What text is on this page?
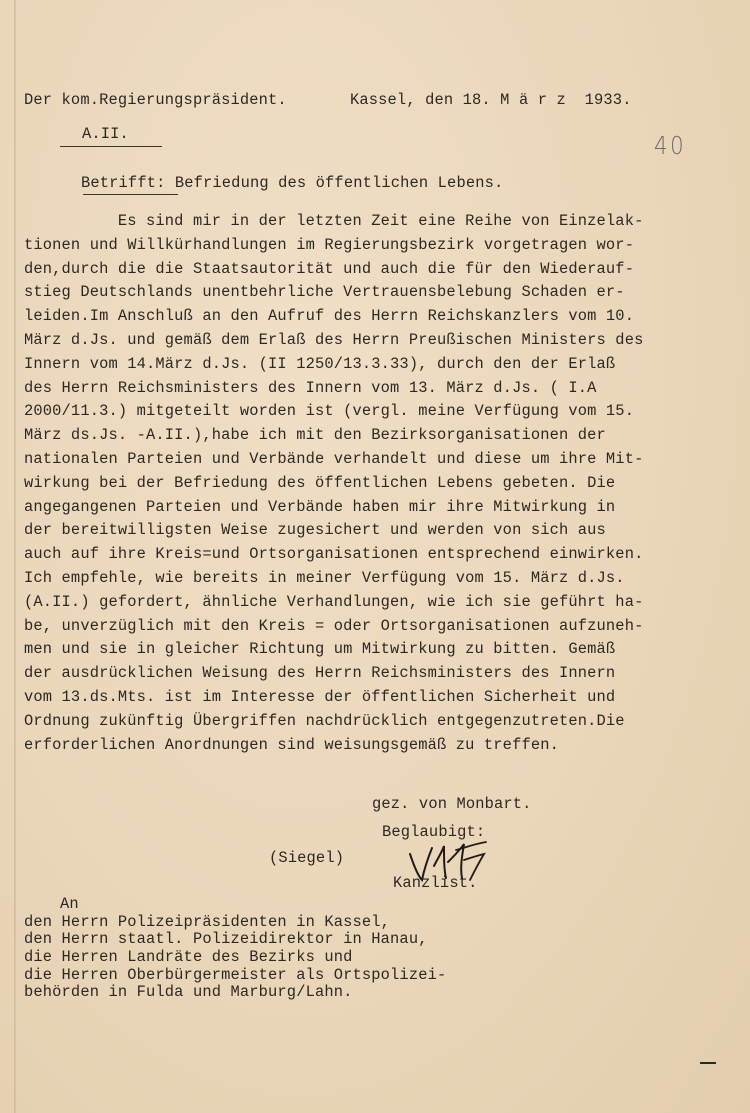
Der kom.Regierungspräsident.	Kassel, den 18. M ä r z  1933.
A.II.	40
Betrifft: Befriedung des öffentlichen Lebens.
Es sind mir in der letzten Zeit eine Reihe von Einzelak-
tionen und Willkürhandlungen im Regierungsbezirk vorgetragen wor-
den,durch die die Staatsautorität und auch die für den Wiederauf-
stieg Deutschlands unentbehrliche Vertrauensbelebung Schaden er-
leiden.Im Anschluß an den Aufruf des Herrn Reichskanzlers vom 10.
März d.Js. und gemäß dem Erlaß des Herrn Preußischen Ministers des
Innern vom 14.März d.Js. (II 1250/13.3.33), durch den der Erlaß
des Herrn Reichsministers des Innern vom 13. März d.Js. ( I.A
2000/11.3.) mitgeteilt worden ist (vergl. meine Verfügung vom 15.
März ds.Js. -A.II.),habe ich mit den Bezirksorganisationen der
nationalen Parteien und Verbände verhandelt und diese um ihre Mit-
wirkung bei der Befriedung des öffentlichen Lebens gebeten. Die
angegangenen Parteien und Verbände haben mir ihre Mitwirkung in
der bereitwilligsten Weise zugesichert und werden von sich aus
auch auf ihre Kreis=und Ortsorganisationen entsprechend einwirken.
Ich empfehle, wie bereits in meiner Verfügung vom 15. März d.Js.
(A.II.) gefordert, ähnliche Verhandlungen, wie ich sie geführt ha-
be, unverzüglich mit den Kreis = oder Ortsorganisationen aufzuneh-
men und sie in gleicher Richtung um Mitwirkung zu bitten. Gemäß
der ausdrücklichen Weisung des Herrn Reichsministers des Innern
vom 13.ds.Mts. ist im Interesse der öffentlichen Sicherheit und
Ordnung zukünftig Übergriffen nachdrücklich entgegenzutreten.Die
erforderlichen Anordnungen sind weisungsgemäß zu treffen.
gez. von Monbart.
Beglaubigt:
(Siegel)
Kanzlist.
An
den Herrn Polizeipräsidenten in Kassel,
den Herrn staatl. Polizeidirektor in Hanau,
die Herren Landräte des Bezirks und
die Herren Oberbürgermeister als Ortspolizei-
behörden in Fulda und Marburg/Lahn.
